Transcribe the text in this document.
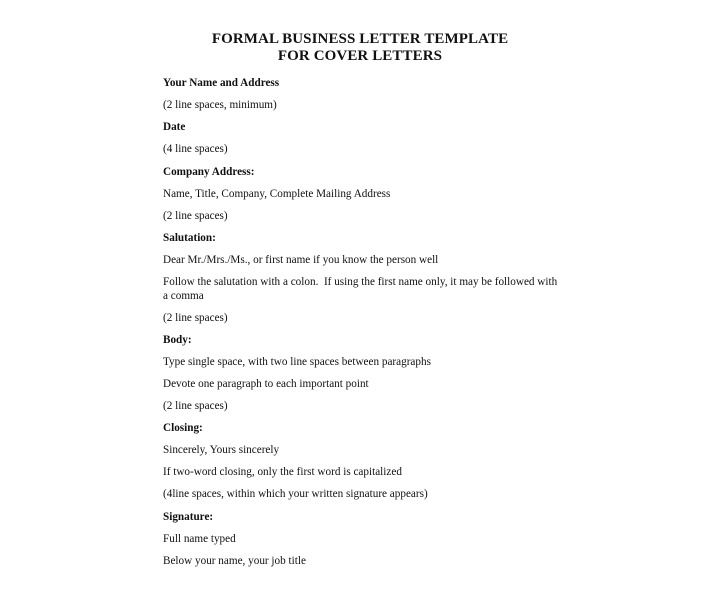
FORMAL BUSINESS LETTER TEMPLATE
FOR COVER LETTERS
Your Name and Address
(2 line spaces, minimum)
Date
(4 line spaces)
Company Address:
Name, Title, Company, Complete Mailing Address
(2 line spaces)
Salutation:
Dear Mr./Mrs./Ms., or first name if you know the person well
Follow the salutation with a colon.  If using the first name only, it may be followed with a comma
(2 line spaces)
Body:
Type single space, with two line spaces between paragraphs
Devote one paragraph to each important point
(2 line spaces)
Closing:
Sincerely, Yours sincerely
If two-word closing, only the first word is capitalized
(4line spaces, within which your written signature appears)
Signature:
Full name typed
Below your name, your job title
